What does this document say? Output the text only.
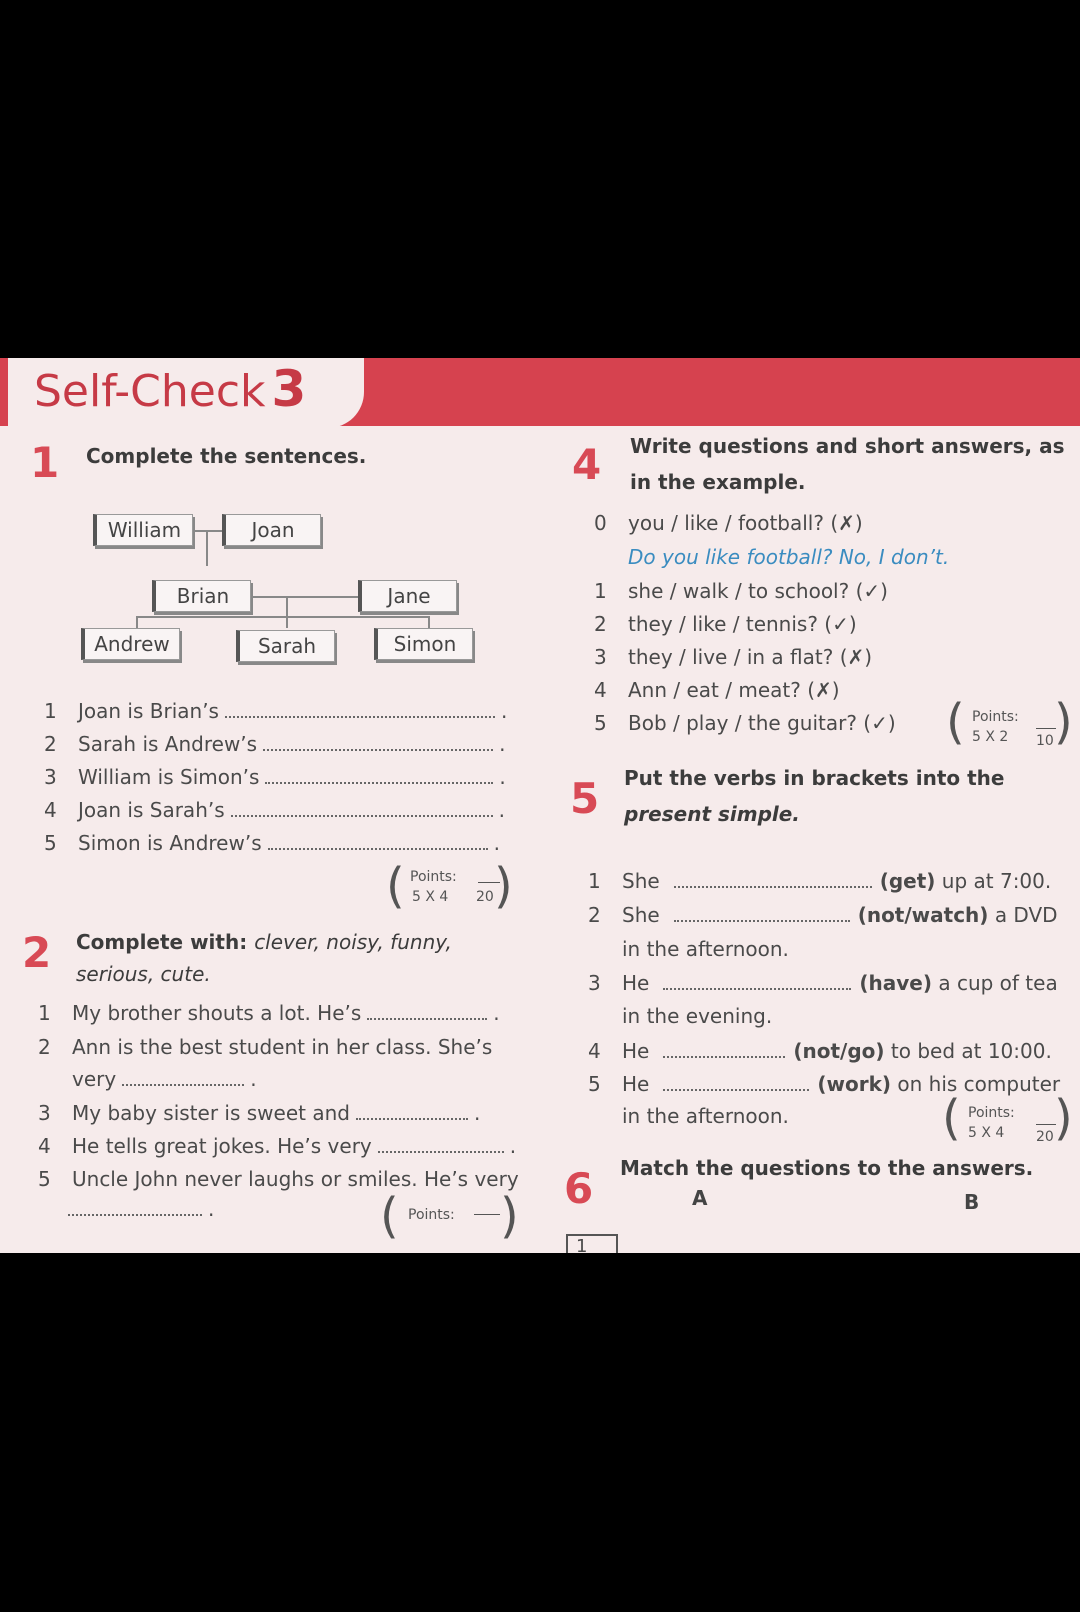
Self-Check 3
1 Complete the sentences.
William	Joan
Brian	Jane
Andrew	Sarah	Simon
1 Joan is Brian’s	.
2 Sarah is Andrew’s	.
3 William is Simon’s	.
4 Joan is Sarah’s	.
5 Simon is Andrew’s	.
( Points:
5 X 4 20 )
2 Complete with: clever, noisy, funny, serious, cute.
1 My brother shouts a lot. He’s	.
2 Ann is the best student in her class. She’s
very	.
3 My baby sister is sweet and	.
4 He tells great jokes. He’s very	.
5 Uncle John never laughs or smiles. He’s very
.	( Points: )
4 Write questions and short answers, as
in the example.
0 you / like / football? (✗)
Do you like football? No, I don’t.
1 she / walk / to school? (✓)
2 they / like / tennis? (✓)
3 they / live / in a flat? (✗)
4 Ann / eat / meat? (✗)
5 Bob / play / the guitar? (✓) ( Points:
5 X 2 10 )
5 Put the verbs in brackets into the
present simple.
1 She	(get) up at 7:00.
2 She	(not/watch) a DVD
in the afternoon.
3 He	(have) a cup of tea
in the evening.
4 He	(not/go) to bed at 10:00.
5 He	(work) on his computer
in the afternoon.	( Points:
5 X 4 20 )
6 Match the questions to the answers.
A	B
1
